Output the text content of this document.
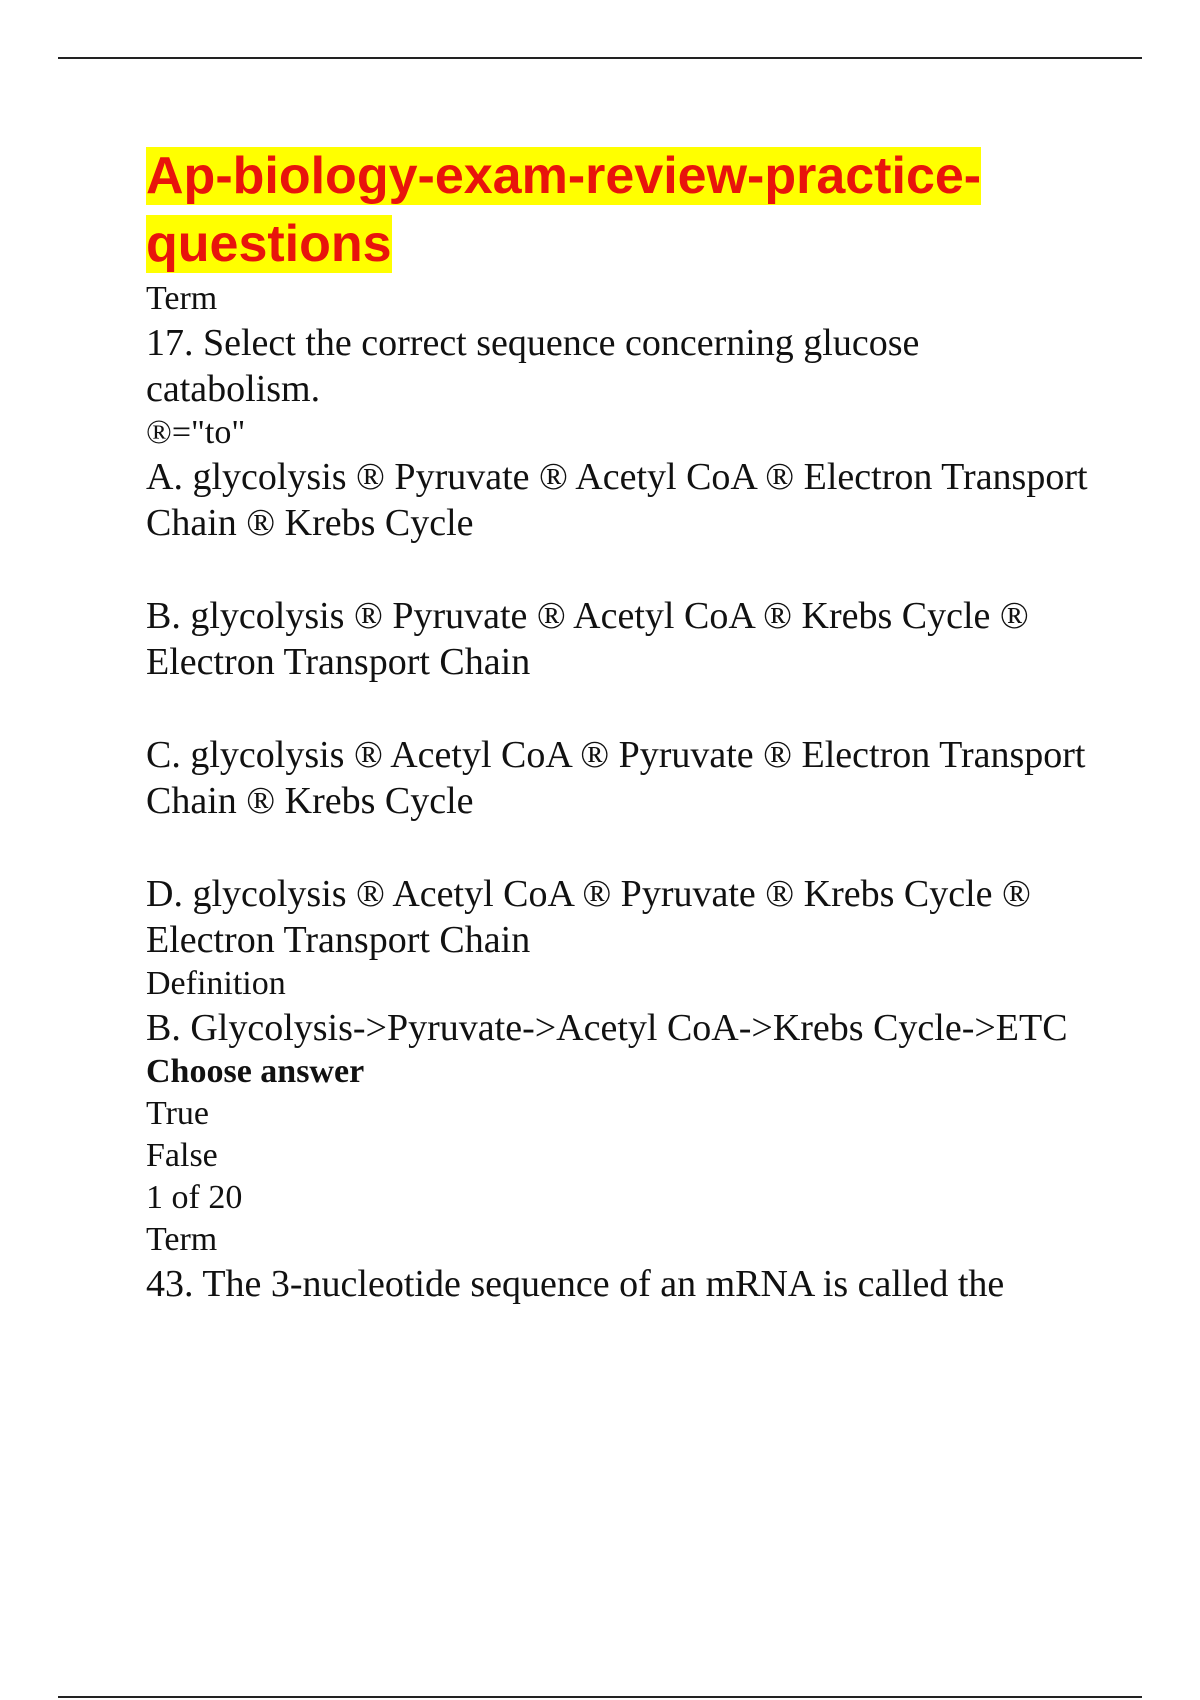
Ap-biology-exam-review-practice-questions
Term
17. Select the correct sequence concerning glucose catabolism.
®="to"
A. glycolysis ® Pyruvate ® Acetyl CoA ® Electron Transport Chain ® Krebs Cycle
B. glycolysis ® Pyruvate ® Acetyl CoA ® Krebs Cycle ® Electron Transport Chain
C. glycolysis ® Acetyl CoA ® Pyruvate ® Electron Transport Chain ® Krebs Cycle
D. glycolysis ® Acetyl CoA ® Pyruvate ® Krebs Cycle ® Electron Transport Chain
Definition
B. Glycolysis->Pyruvate->Acetyl CoA->Krebs Cycle->ETC
Choose answer
True
False
1 of 20
Term
43. The 3-nucleotide sequence of an mRNA is called the
